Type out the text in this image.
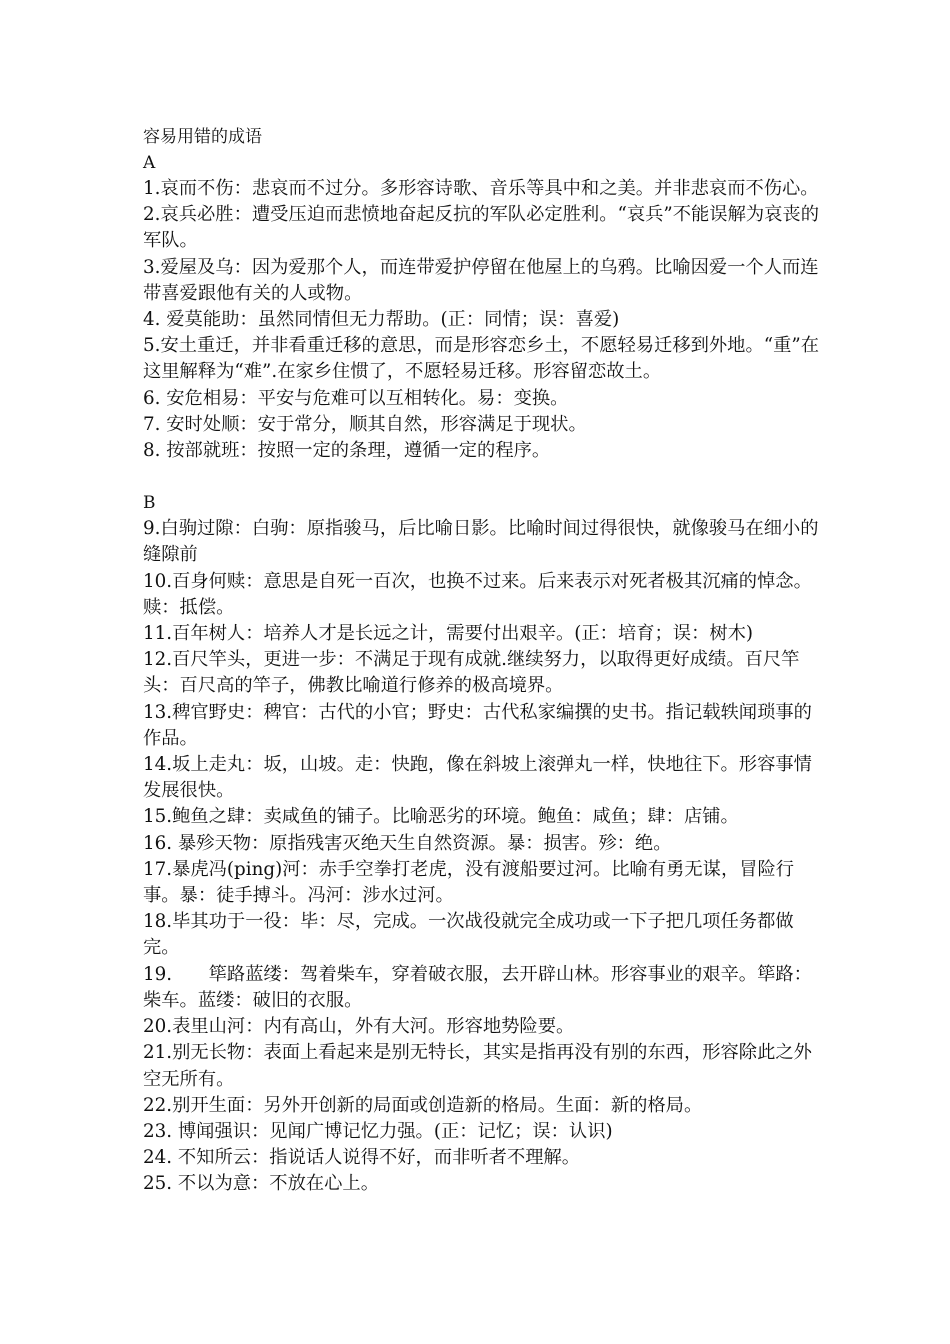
容易用错的成语
A
1.哀而不伤：悲哀而不过分。多形容诗歌、音乐等具中和之美。并非悲哀而不伤心。
2.哀兵必胜：遭受压迫而悲愤地奋起反抗的军队必定胜利。“哀兵”不能误解为哀丧的军队。
3.爱屋及乌：因为爱那个人，而连带爱护停留在他屋上的乌鸦。比喻因爱一个人而连带喜爱跟他有关的人或物。
4. 爱莫能助：虽然同情但无力帮助。(正：同情；误：喜爱)
5.安土重迁，并非看重迁移的意思，而是形容恋乡土，不愿轻易迁移到外地。“重”在这里解释为“难”.在家乡住惯了，不愿轻易迁移。形容留恋故土。
6. 安危相易：平安与危难可以互相转化。易：变换。
7. 安时处顺：安于常分，顺其自然，形容满足于现状。
8. 按部就班：按照一定的条理，遵循一定的程序。
B
9.白驹过隙：白驹：原指骏马，后比喻日影。比喻时间过得很快，就像骏马在细小的缝隙前
10.百身何赎：意思是自死一百次，也换不过来。后来表示对死者极其沉痛的悼念。赎：抵偿。
11.百年树人：培养人才是长远之计，需要付出艰辛。(正：培育；误：树木)
12.百尺竿头，更进一步：不满足于现有成就.继续努力，以取得更好成绩。百尺竿头：百尺高的竿子，佛教比喻道行修养的极高境界。
13.稗官野史：稗官：古代的小官；野史：古代私家编撰的史书。指记载轶闻琐事的作品。
14.坂上走丸：坂，山坡。走：快跑，像在斜坡上滚弹丸一样，快地往下。形容事情发展很快。
15.鲍鱼之肆：卖咸鱼的铺子。比喻恶劣的环境。鲍鱼：咸鱼；肆：店铺。
16. 暴殄天物：原指残害灭绝天生自然资源。暴：损害。殄：绝。
17.暴虎冯(ping)河：赤手空拳打老虎，没有渡船要过河。比喻有勇无谋，冒险行事。暴：徒手搏斗。冯河：涉水过河。
18.毕其功于一役：毕：尽，完成。一次战役就完全成功或一下子把几项任务都做完。
19.　　筚路蓝缕：驾着柴车，穿着破衣服，去开辟山林。形容事业的艰辛。筚路：柴车。蓝缕：破旧的衣服。
20.表里山河：内有高山，外有大河。形容地势险要。
21.别无长物：表面上看起来是别无特长，其实是指再没有别的东西，形容除此之外空无所有。
22.别开生面：另外开创新的局面或创造新的格局。生面：新的格局。
23. 博闻强识：见闻广博记忆力强。(正：记忆；误：认识)
24. 不知所云：指说话人说得不好，而非听者不理解。
25. 不以为意：不放在心上。
